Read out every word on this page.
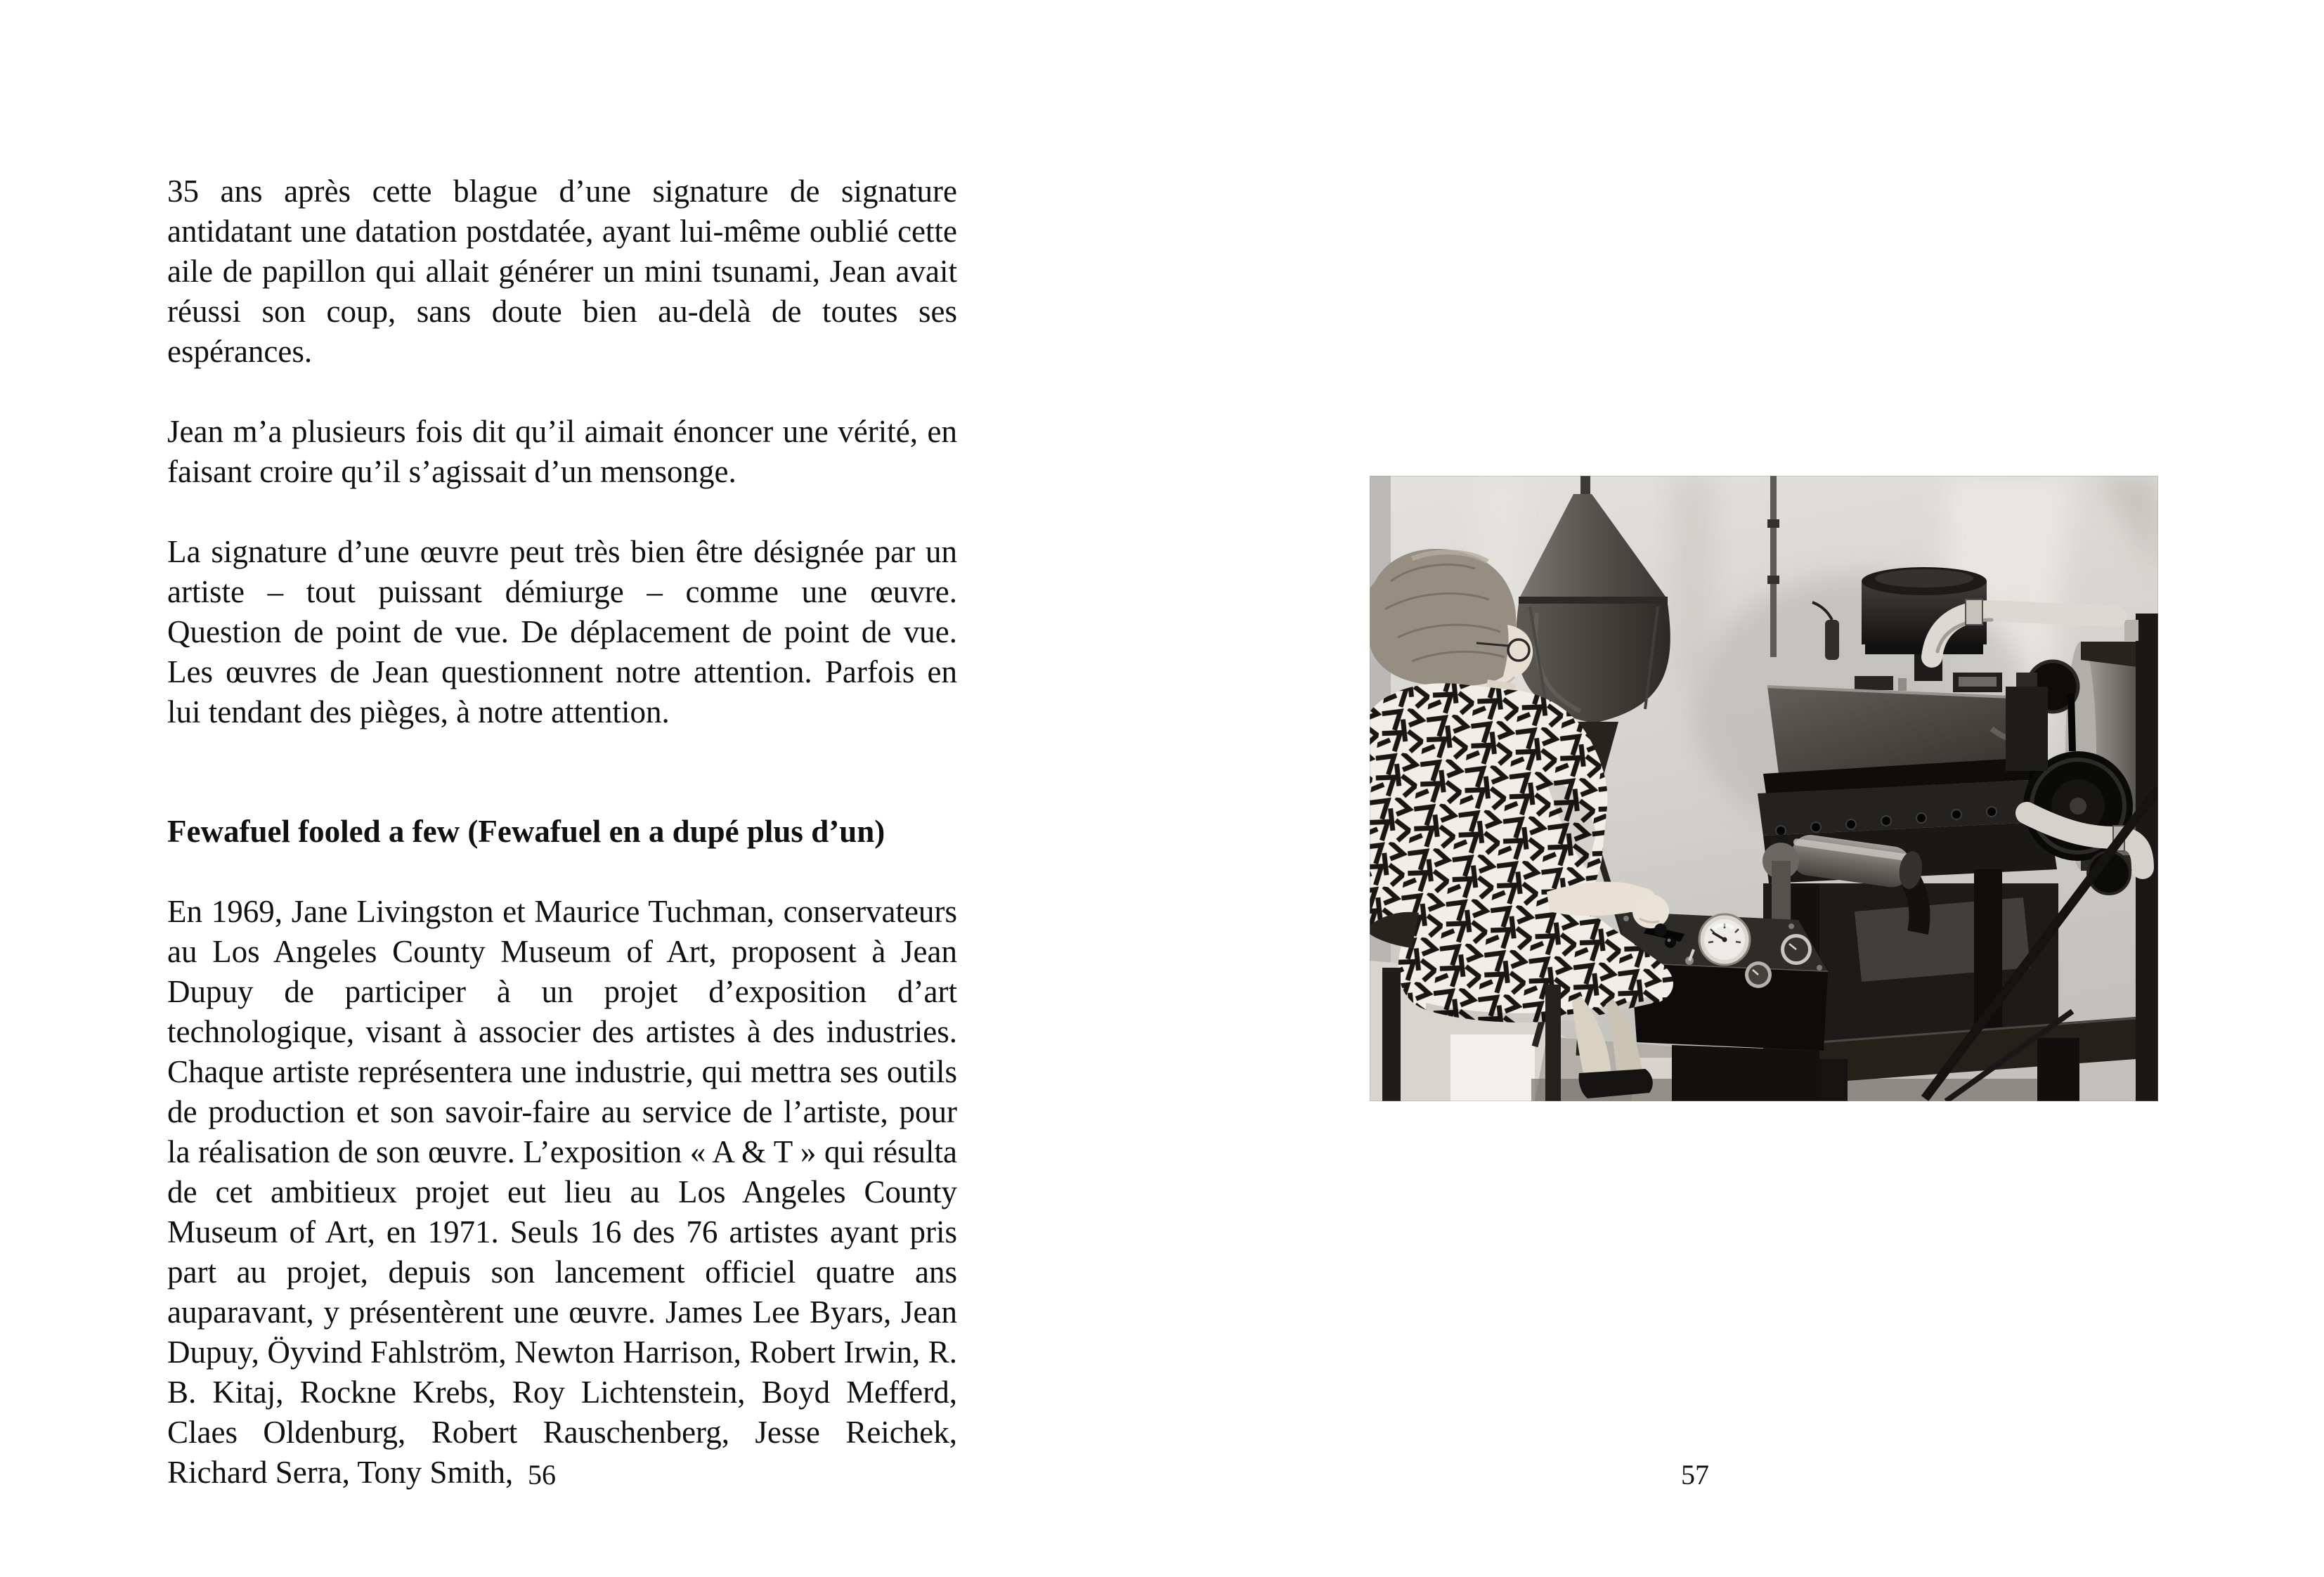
35 ans après cette blague d’une signature de signature antidatant une datation postdatée, ayant lui-même oublié cette aile de papillon qui allait générer un mini tsunami, Jean avait réussi son coup, sans doute bien au-delà de toutes ses espérances.

Jean m’a plusieurs fois dit qu’il aimait énoncer une vérité, en faisant croire qu’il s’agissait d’un mensonge.

La signature d’une œuvre peut très bien être désignée par un artiste – tout puissant démiurge – comme une œuvre. Question de point de vue. De déplacement de point de vue. Les œuvres de Jean questionnent notre attention. Parfois en lui tendant des pièges, à notre attention.

Fewafuel fooled a few (Fewafuel en a dupé plus d’un)

En 1969, Jane Livingston et Maurice Tuchman, conservateurs au Los Angeles County Museum of Art, proposent à Jean Dupuy de participer à un projet d’exposition d’art technologique, visant à associer des artistes à des industries. Chaque artiste représentera une industrie, qui mettra ses outils de production et son savoir-faire au service de l’artiste, pour la réalisation de son œuvre. L’exposition « A & T » qui résulta de cet ambitieux projet eut lieu au Los Angeles County Museum of Art, en 1971. Seuls 16 des 76 artistes ayant pris part au projet, depuis son lancement officiel quatre ans auparavant, y présentèrent une œuvre. James Lee Byars, Jean Dupuy, Öyvind Fahlström, Newton Harrison, Robert Irwin, R. B. Kitaj, Rockne Krebs, Roy Lichtenstein, Boyd Mefferd, Claes Oldenburg, Robert Rauschenberg, Jesse Reichek, Richard Serra, Tony Smith, 56	57
